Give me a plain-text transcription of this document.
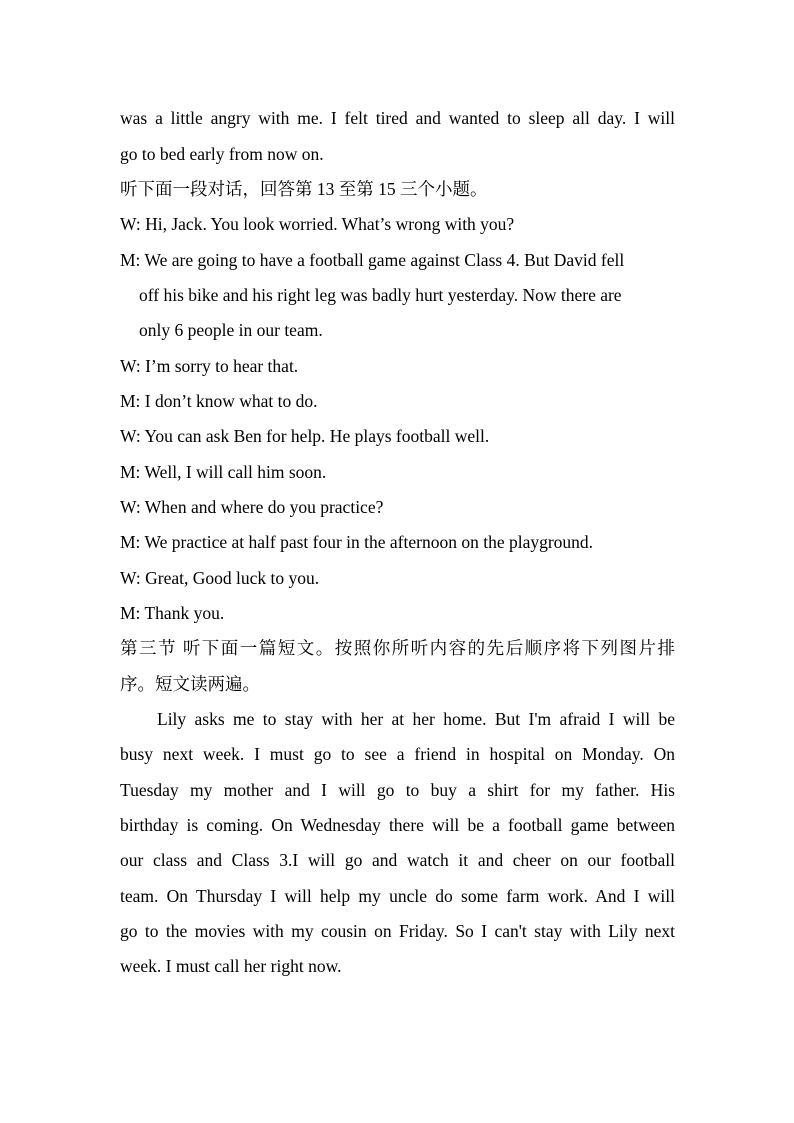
was a little angry with me. I felt tired and wanted to sleep all day. I will
go to bed early from now on.
听下面一段对话，回答第 13 至第 15 三个小题。
W: Hi, Jack. You look worried. What’s wrong with you?
M: We are going to have a football game against Class 4. But David fell
off his bike and his right leg was badly hurt yesterday. Now there are
only 6 people in our team.
W: I’m sorry to hear that.
M: I don’t know what to do.
W: You can ask Ben for help. He plays football well.
M: Well, I will call him soon.
W: When and where do you practice?
M: We practice at half past four in the afternoon on the playground.
W: Great, Good luck to you.
M: Thank you.
第三节 听下面一篇短文。按照你所听内容的先后顺序将下列图片排
序。短文读两遍。
Lily asks me to stay with her at her home. But I'm afraid I will be
busy next week. I must go to see a friend in hospital on Monday. On
Tuesday my mother and I will go to buy a shirt for my father. His
birthday is coming. On Wednesday there will be a football game between
our class and Class 3.I will go and watch it and cheer on our football
team. On Thursday I will help my uncle do some farm work. And I will
go to the movies with my cousin on Friday. So I can't stay with Lily next
week. I must call her right now.
